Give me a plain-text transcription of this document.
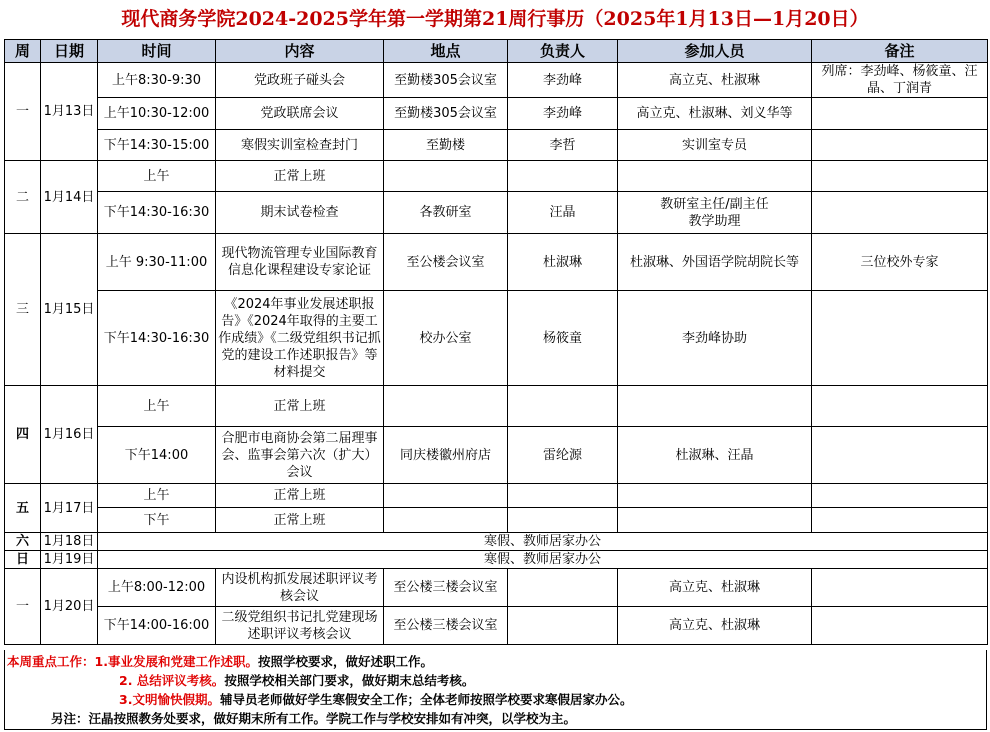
现代商务学院2024-2025学年第一学期第21周行事历（2025年1月13日—1月20日）
周	日期	时间	内容	地点	负责人	参加人员	备注
一	1月13日	上午8:30-9:30	党政班子碰头会	至勤楼305会议室	李劲峰	高立克、杜淑琳	列席：李劲峰、杨筱童、汪晶、丁润青
		上午10:30-12:00	党政联席会议	至勤楼305会议室	李劲峰	高立克、杜淑琳、刘义华等	
		下午14:30-15:00	寒假实训室检查封门	至勤楼	李哲	实训室专员	
二	1月14日	上午	正常上班				
		下午14:30-16:30	期末试卷检查	各教研室	汪晶	教研室主任/副主任
教学助理	
三	1月15日	上午 9:30-11:00	现代物流管理专业国际教育信息化课程建设专家论证	至公楼会议室	杜淑琳	杜淑琳、外国语学院胡院长等	三位校外专家
		下午14:30-16:30	《2024年事业发展述职报告》《2024年取得的主要工作成绩》《二级党组织书记抓党的建设工作述职报告》等材料提交	校办公室	杨筱童	李劲峰协助	
四	1月16日	上午	正常上班				
		下午14:00	合肥市电商协会第二届理事会、监事会第六次（扩大）会议	同庆楼徽州府店	雷纶源	杜淑琳、汪晶	
五	1月17日	上午	正常上班				
		下午	正常上班				
六	1月18日	寒假、教师居家办公					
日	1月19日	寒假、教师居家办公					
一	1月20日	上午8:00-12:00	内设机构抓发展述职评议考核会议	至公楼三楼会议室		高立克、杜淑琳	
		下午14:00-16:00	二级党组织书记扎党建现场述职评议考核会议	至公楼三楼会议室		高立克、杜淑琳	
本周重点工作：1.事业发展和党建工作述职。按照学校要求，做好述职工作。
2. 总结评议考核。按照学校相关部门要求，做好期末总结考核。
3.文明愉快假期。辅导员老师做好学生寒假安全工作；全体老师按照学校要求寒假居家办公。
另注：汪晶按照教务处要求，做好期末所有工作。学院工作与学校安排如有冲突，以学校为主。
